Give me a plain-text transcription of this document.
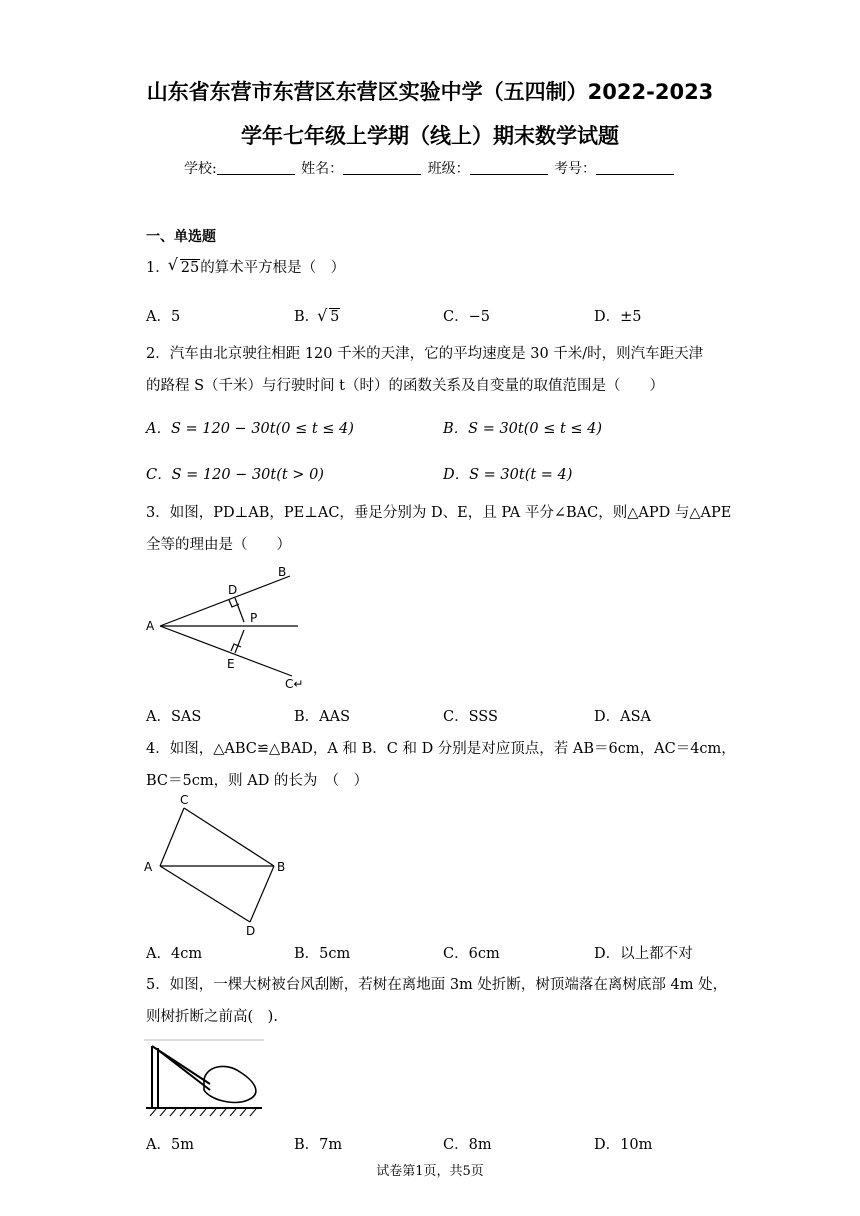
山东省东营市东营区东营区实验中学（五四制）2022-2023
学年七年级上学期（线上）期末数学试题
学校:	姓名：	班级：	考号：
一、单选题
1． √ 25的算术平方根是（　）
A．5	B． √ 5	C．−5	D．±5
2．汽车由北京驶往相距 120 千米的天津，它的平均速度是 30 千米/时，则汽车距天津
的路程 S（千米）与行驶时间 t（时）的函数关系及自变量的取值范围是（　　）
A．S = 120 − 30t(0 ≤ t ≤ 4)	B．S = 30t(0 ≤ t ≤ 4)
C．S = 120 − 30t(t > 0)	D．S = 30t(t = 4)
3．如图，PD⊥AB，PE⊥AC，垂足分别为 D、E，且 PA 平分∠BAC，则△APD 与△APE
全等的理由是（　　）
A
B
C↵
D
E
P
A．SAS	B．AAS	C．SSS	D．ASA
4．如图，△ABC≌△BAD，A 和 B．C 和 D 分别是对应顶点，若 AB＝6cm，AC＝4cm，
BC＝5cm，则 AD 的长为　（　）
A	B
C
D
A．4cm	B．5cm	C．6cm	D．以上都不对
5．如图，一棵大树被台风刮断，若树在离地面 3m 处折断，树顶端落在离树底部 4m 处，
则树折断之前高(　).
A．5m	B．7m	C．8m	D．10m
试卷第1页，共5页
